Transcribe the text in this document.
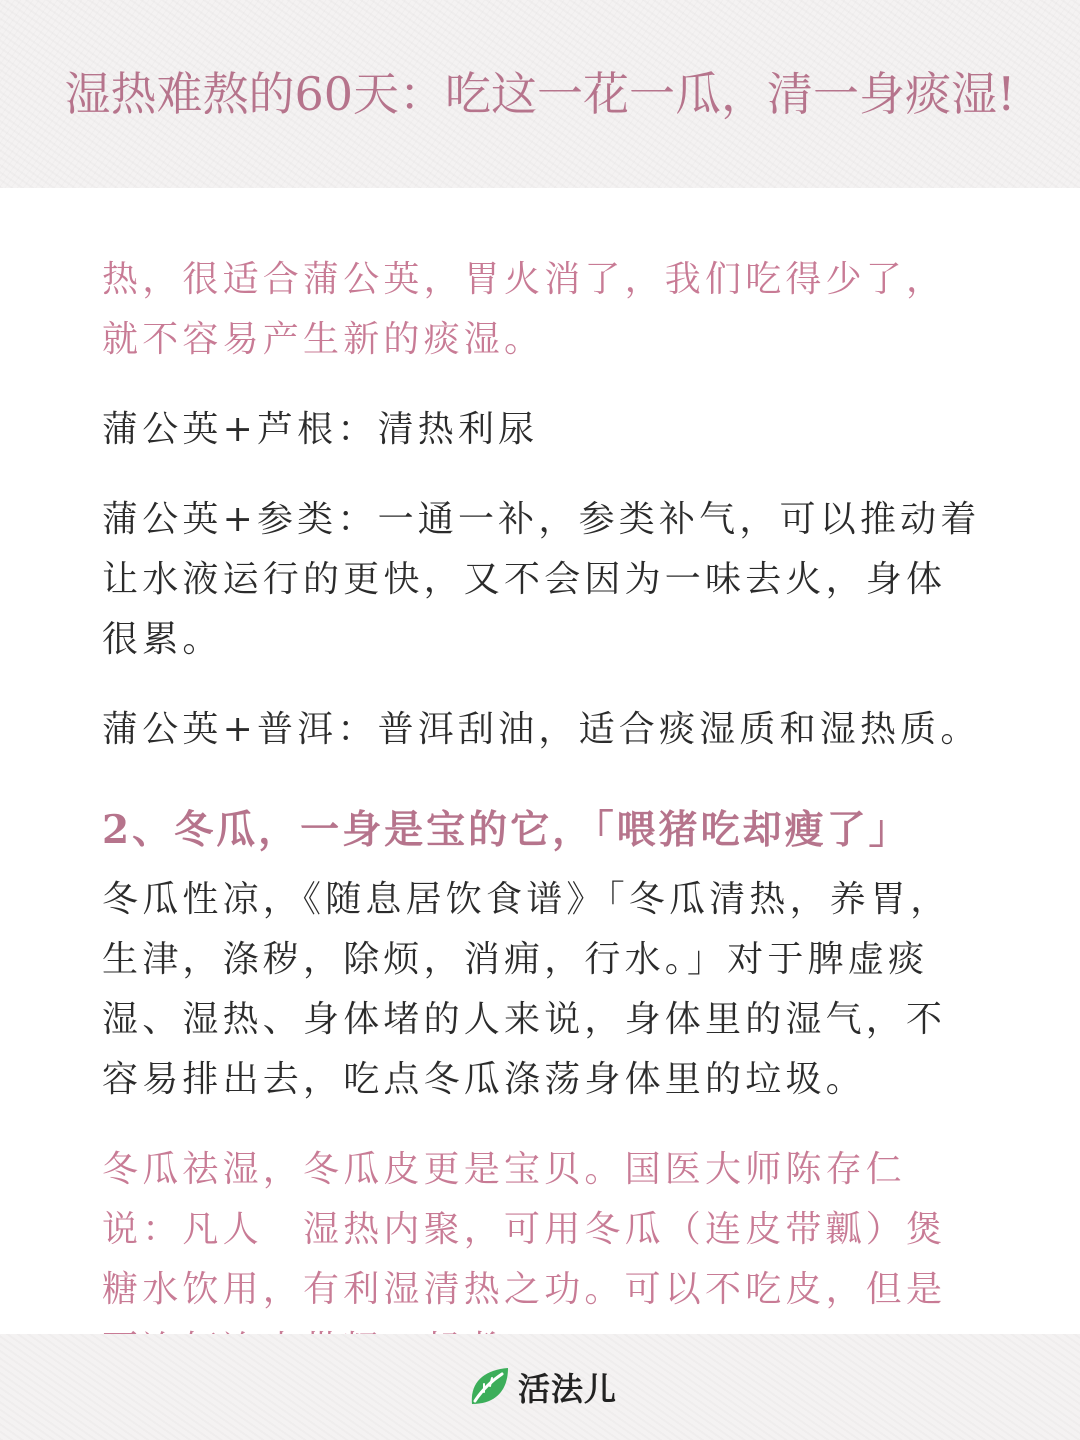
湿热难熬的60天：吃这一花一瓜，清一身痰湿!

热，很适合蒲公英，胃火消了，我们吃得少了，就不容易产生新的痰湿。

蒲公英+芦根：清热利尿

蒲公英+参类：一通一补，参类补气，可以推动着让水液运行的更快，又不会因为一味去火，身体很累。

蒲公英+普洱：普洱刮油，适合痰湿质和湿热质。

2、冬瓜，一身是宝的它，「喂猪吃却瘦了」

冬瓜性凉，《随息居饮食谱》「冬瓜清热，养胃，生津，涤秽，除烦，消痈，行水。」对于脾虚痰湿、湿热、身体堵的人来说，身体里的湿气，不容易排出去，吃点冬瓜涤荡身体里的垃圾。

冬瓜祛湿，冬瓜皮更是宝贝。国医大师陈存仁说：凡人　湿热内聚，可用冬瓜（连皮带瓤）煲糖水饮用，有利湿清热之功。可以不吃皮，但是

活法儿
